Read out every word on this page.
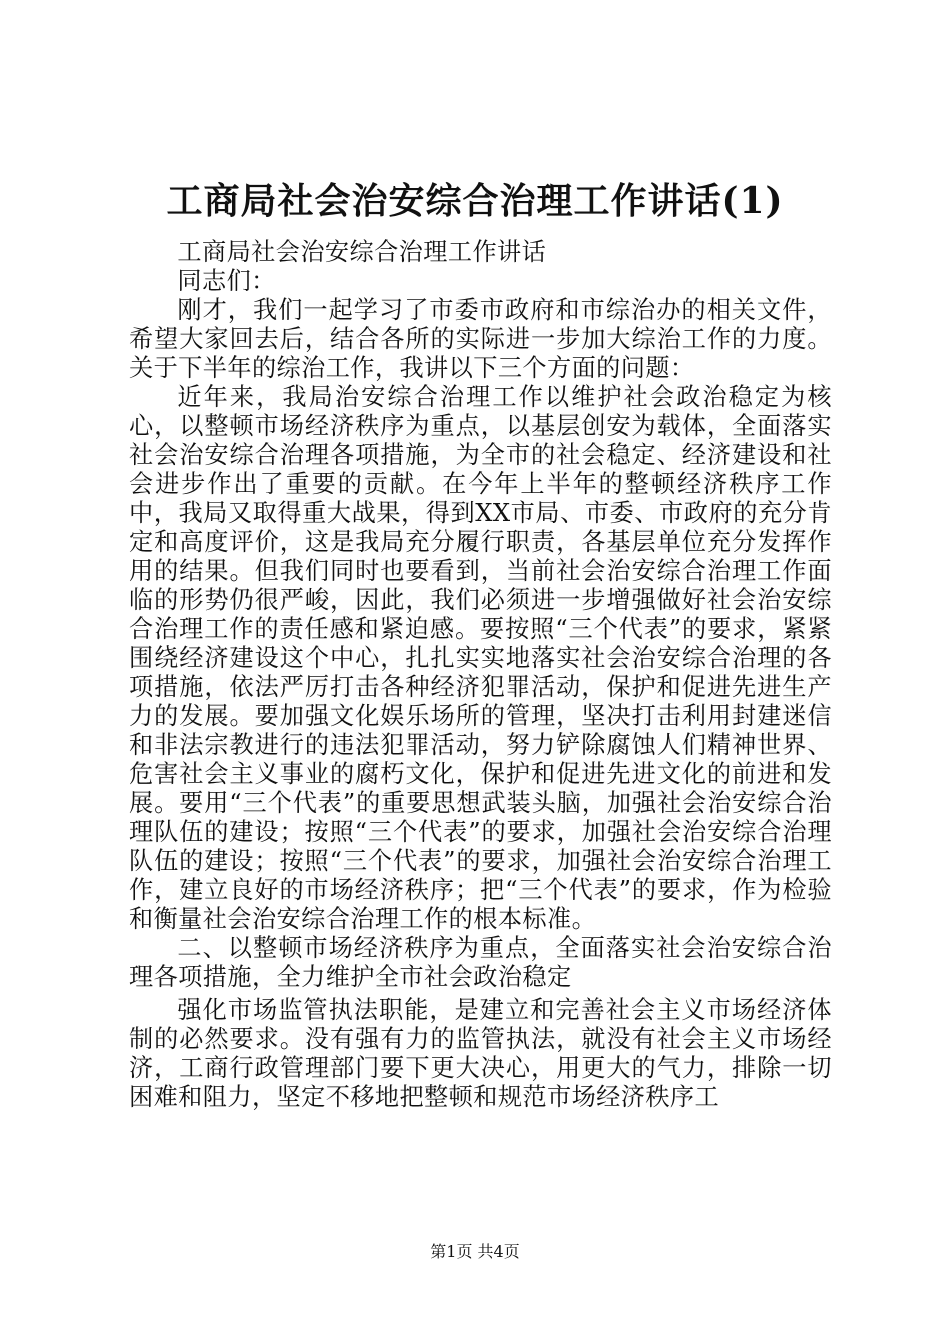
工商局社会治安综合治理工作讲话(1)

工商局社会治安综合治理工作讲话

同志们：

刚才，我们一起学习了市委市政府和市综治办的相关文件，希望大家回去后，结合各所的实际进一步加大综治工作的力度。关于下半年的综治工作，我讲以下三个方面的问题：

近年来，我局治安综合治理工作以维护社会政治稳定为核心，以整顿市场经济秩序为重点，以基层创安为载体，全面落实社会治安综合治理各项措施，为全市的社会稳定、经济建设和社会进步作出了重要的贡献。在今年上半年的整顿经济秩序工作中，我局又取得重大战果，得到XX市局、市委、市政府的充分肯定和高度评价，这是我局充分履行职责，各基层单位充分发挥作用的结果。但我们同时也要看到，当前社会治安综合治理工作面临的形势仍很严峻，因此，我们必须进一步增强做好社会治安综合治理工作的责任感和紧迫感。要按照“三个代表”的要求，紧紧围绕经济建设这个中心，扎扎实实地落实社会治安综合治理的各项措施，依法严厉打击各种经济犯罪活动，保护和促进先进生产力的发展。要加强文化娱乐场所的管理，坚决打击利用封建迷信和非法宗教进行的违法犯罪活动，努力铲除腐蚀人们精神世界、危害社会主义事业的腐朽文化，保护和促进先进文化的前进和发展。要用“三个代表”的重要思想武装头脑，加强社会治安综合治理队伍的建设；按照“三个代表”的要求，加强社会治安综合治理队伍的建设；按照“三个代表”的要求，加强社会治安综合治理工作，建立良好的市场经济秩序；把“三个代表”的要求，作为检验和衡量社会治安综合治理工作的根本标准。

二、以整顿市场经济秩序为重点，全面落实社会治安综合治理各项措施，全力维护全市社会政治稳定

强化市场监管执法职能，是建立和完善社会主义市场经济体制的必然要求。没有强有力的监管执法，就没有社会主义市场经济，工商行政管理部门要下更大决心，用更大的气力，排除一切困难和阻力，坚定不移地把整顿和规范市场经济秩序工

第1页 共4页
